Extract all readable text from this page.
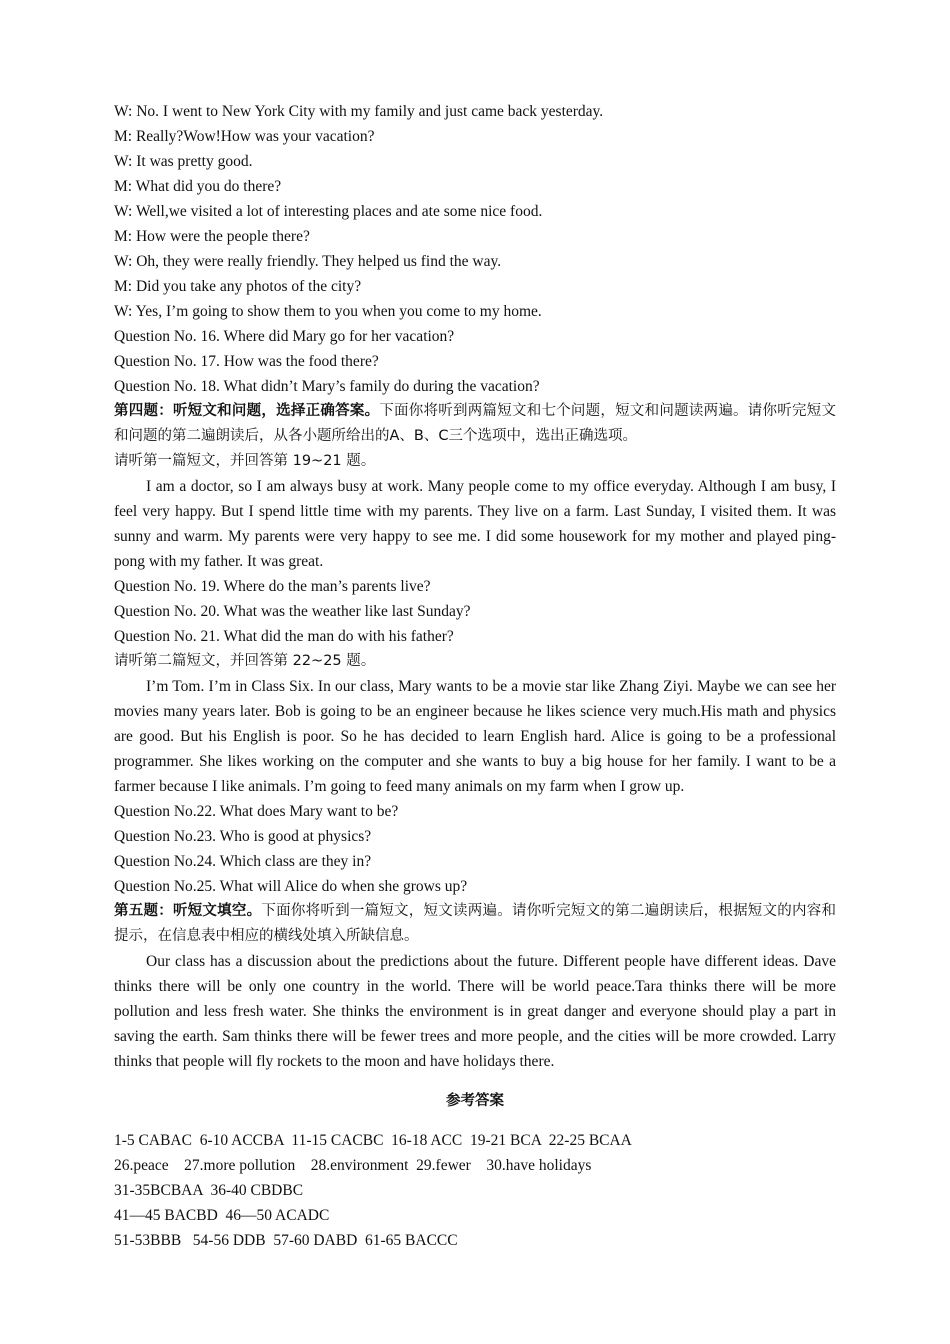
W: No. I went to New York City with my family and just came back yesterday.

M: Really?Wow!How was your vacation?

W: It was pretty good.

M: What did you do there?

W: Well,we visited a lot of interesting places and ate some nice food.

M: How were the people there?

W: Oh, they were really friendly. They helped us find the way.

M: Did you take any photos of the city?

W: Yes, I’m going to show them to you when you come to my home.

Question No. 16. Where did Mary go for her vacation?

Question No. 17. How was the food there?

Question No. 18. What didn’t Mary’s family do during the vacation?

第四题：听短文和问题，选择正确答案。下面你将听到两篇短文和七个问题，短文和问题读两遍。请你听完短文和问题的第二遍朗读后，从各小题所给出的A、B、C三个选项中，选出正确选项。

请听第一篇短文，并回答第 19~21 题。

I am a doctor, so I am always busy at work. Many people come to my office everyday. Although I am busy, I feel very happy. But I spend little time with my parents. They live on a farm. Last Sunday, I visited them. It was sunny and warm. My parents were very happy to see me. I did some housework for my mother and played ping-pong with my father. It was great.

Question No. 19. Where do the man’s parents live?

Question No. 20. What was the weather like last Sunday?

Question No. 21. What did the man do with his father?

请听第二篇短文，并回答第 22~25 题。

I’m Tom. I’m in Class Six. In our class, Mary wants to be a movie star like Zhang Ziyi. Maybe we can see her movies many years later. Bob is going to be an engineer because he likes science very much.His math and physics are good. But his English is poor. So he has decided to learn English hard. Alice is going to be a professional programmer. She likes working on the computer and she wants to buy a big house for her family. I want to be a farmer because I like animals. I’m going to feed many animals on my farm when I grow up.

Question No.22. What does Mary want to be?

Question No.23. Who is good at physics?

Question No.24. Which class are they in?

Question No.25. What will Alice do when she grows up?

第五题：听短文填空。下面你将听到一篇短文，短文读两遍。请你听完短文的第二遍朗读后，根据短文的内容和提示，在信息表中相应的横线处填入所缺信息。

Our class has a discussion about the predictions about the future. Different people have different ideas. Dave thinks there will be only one country in the world. There will be world peace.Tara thinks there will be more pollution and less fresh water. She thinks the environment is in great danger and everyone should play a part in saving the earth. Sam thinks there will be fewer trees and more people, and the cities will be more crowded. Larry thinks that people will fly rockets to the moon and have holidays there.

参考答案

1-5 CABAC  6-10 ACCBA  11-15 CACBC  16-18 ACC  19-21 BCA  22-25 BCAA

26.peace    27.more pollution    28.environment  29.fewer    30.have holidays

31-35BCBAA  36-40 CBDBC

41—45 BACBD  46—50 ACADC

51-53BBB   54-56 DDB  57-60 DABD  61-65 BACCC
